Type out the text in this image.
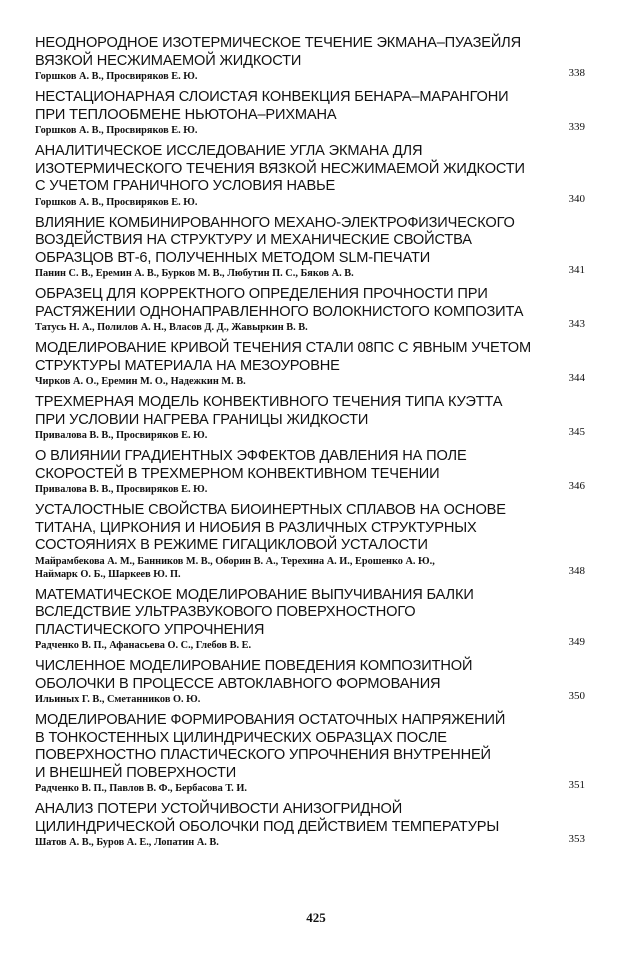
НЕОДНОРОДНОЕ ИЗОТЕРМИЧЕСКОЕ ТЕЧЕНИЕ ЭКМАНА–ПУАЗЕЙЛЯ
ВЯЗКОЙ НЕСЖИМАЕМОЙ ЖИДКОСТИ
Горшков А. В., Просвиряков Е. Ю.	338
НЕСТАЦИОНАРНАЯ СЛОИСТАЯ КОНВЕКЦИЯ БЕНАРА–МАРАНГОНИ
ПРИ ТЕПЛООБМЕНЕ НЬЮТОНА–РИХМАНА
Горшков А. В., Просвиряков Е. Ю.	339
АНАЛИТИЧЕСКОЕ ИССЛЕДОВАНИЕ УГЛА ЭКМАНА ДЛЯ
ИЗОТЕРМИЧЕСКОГО ТЕЧЕНИЯ ВЯЗКОЙ НЕСЖИМАЕМОЙ ЖИДКОСТИ
С УЧЕТОМ ГРАНИЧНОГО УСЛОВИЯ НАВЬЕ
Горшков А. В., Просвиряков Е. Ю.	340
ВЛИЯНИЕ КОМБИНИРОВАННОГО МЕХАНО-ЭЛЕКТРОФИЗИЧЕСКОГО
ВОЗДЕЙСТВИЯ НА СТРУКТУРУ И МЕХАНИЧЕСКИЕ СВОЙСТВА
ОБРАЗЦОВ ВТ-6, ПОЛУЧЕННЫХ МЕТОДОМ SLM-ПЕЧАТИ
Панин С. В., Еремин А. В., Бурков М. В., Любутин П. С., Бяков А. В.	341
ОБРАЗЕЦ ДЛЯ КОРРЕКТНОГО ОПРЕДЕЛЕНИЯ ПРОЧНОСТИ ПРИ
РАСТЯЖЕНИИ ОДНОНАПРАВЛЕННОГО ВОЛОКНИСТОГО КОМПОЗИТА
Татусь Н. А., Полилов А. Н., Власов Д. Д., Жавыркин В. В.	343
МОДЕЛИРОВАНИЕ КРИВОЙ ТЕЧЕНИЯ СТАЛИ 08ПС С ЯВНЫМ УЧЕТОМ
СТРУКТУРЫ МАТЕРИАЛА НА МЕЗОУРОВНЕ
Чирков А. О., Еремин М. О., Надежкин М. В.	344
ТРЕХМЕРНАЯ МОДЕЛЬ КОНВЕКТИВНОГО ТЕЧЕНИЯ ТИПА КУЭТТА
ПРИ УСЛОВИИ НАГРЕВА ГРАНИЦЫ ЖИДКОСТИ
Привалова В. В., Просвиряков Е. Ю.	345
О ВЛИЯНИИ ГРАДИЕНТНЫХ ЭФФЕКТОВ ДАВЛЕНИЯ НА ПОЛЕ
СКОРОСТЕЙ В ТРЕХМЕРНОМ КОНВЕКТИВНОМ ТЕЧЕНИИ
Привалова В. В., Просвиряков Е. Ю.	346
УСТАЛОСТНЫЕ СВОЙСТВА БИОИНЕРТНЫХ СПЛАВОВ НА ОСНОВЕ
ТИТАНА, ЦИРКОНИЯ И НИОБИЯ В РАЗЛИЧНЫХ СТРУКТУРНЫХ
СОСТОЯНИЯХ В РЕЖИМЕ ГИГАЦИКЛОВОЙ УСТАЛОСТИ
Майрамбекова А. М., Банников М. В., Оборин В. А., Терехина А. И., Ерошенко А. Ю.,
Наймарк О. Б., Шаркеев Ю. П.	348
МАТЕМАТИЧЕСКОЕ МОДЕЛИРОВАНИЕ ВЫПУЧИВАНИЯ БАЛКИ
ВСЛЕДСТВИЕ УЛЬТРАЗВУКОВОГО ПОВЕРХНОСТНОГО
ПЛАСТИЧЕСКОГО УПРОЧНЕНИЯ
Радченко В. П., Афанасьева О. С., Глебов В. Е.	349
ЧИСЛЕННОЕ МОДЕЛИРОВАНИЕ ПОВЕДЕНИЯ КОМПОЗИТНОЙ
ОБОЛОЧКИ В ПРОЦЕССЕ АВТОКЛАВНОГО ФОРМОВАНИЯ
Ильиных Г. В., Сметанников О. Ю.	350
МОДЕЛИРОВАНИЕ ФОРМИРОВАНИЯ ОСТАТОЧНЫХ НАПРЯЖЕНИЙ
В ТОНКОСТЕННЫХ ЦИЛИНДРИЧЕСКИХ ОБРАЗЦАХ ПОСЛЕ
ПОВЕРХНОСТНО ПЛАСТИЧЕСКОГО УПРОЧНЕНИЯ ВНУТРЕННЕЙ
И ВНЕШНЕЙ ПОВЕРХНОСТИ
Радченко В. П., Павлов В. Ф., Бербасова Т. И.	351
АНАЛИЗ ПОТЕРИ УСТОЙЧИВОСТИ АНИЗОГРИДНОЙ
ЦИЛИНДРИЧЕСКОЙ ОБОЛОЧКИ ПОД ДЕЙСТВИЕМ ТЕМПЕРАТУРЫ
Шатов А. В., Буров А. Е., Лопатин А. В.	353
425
